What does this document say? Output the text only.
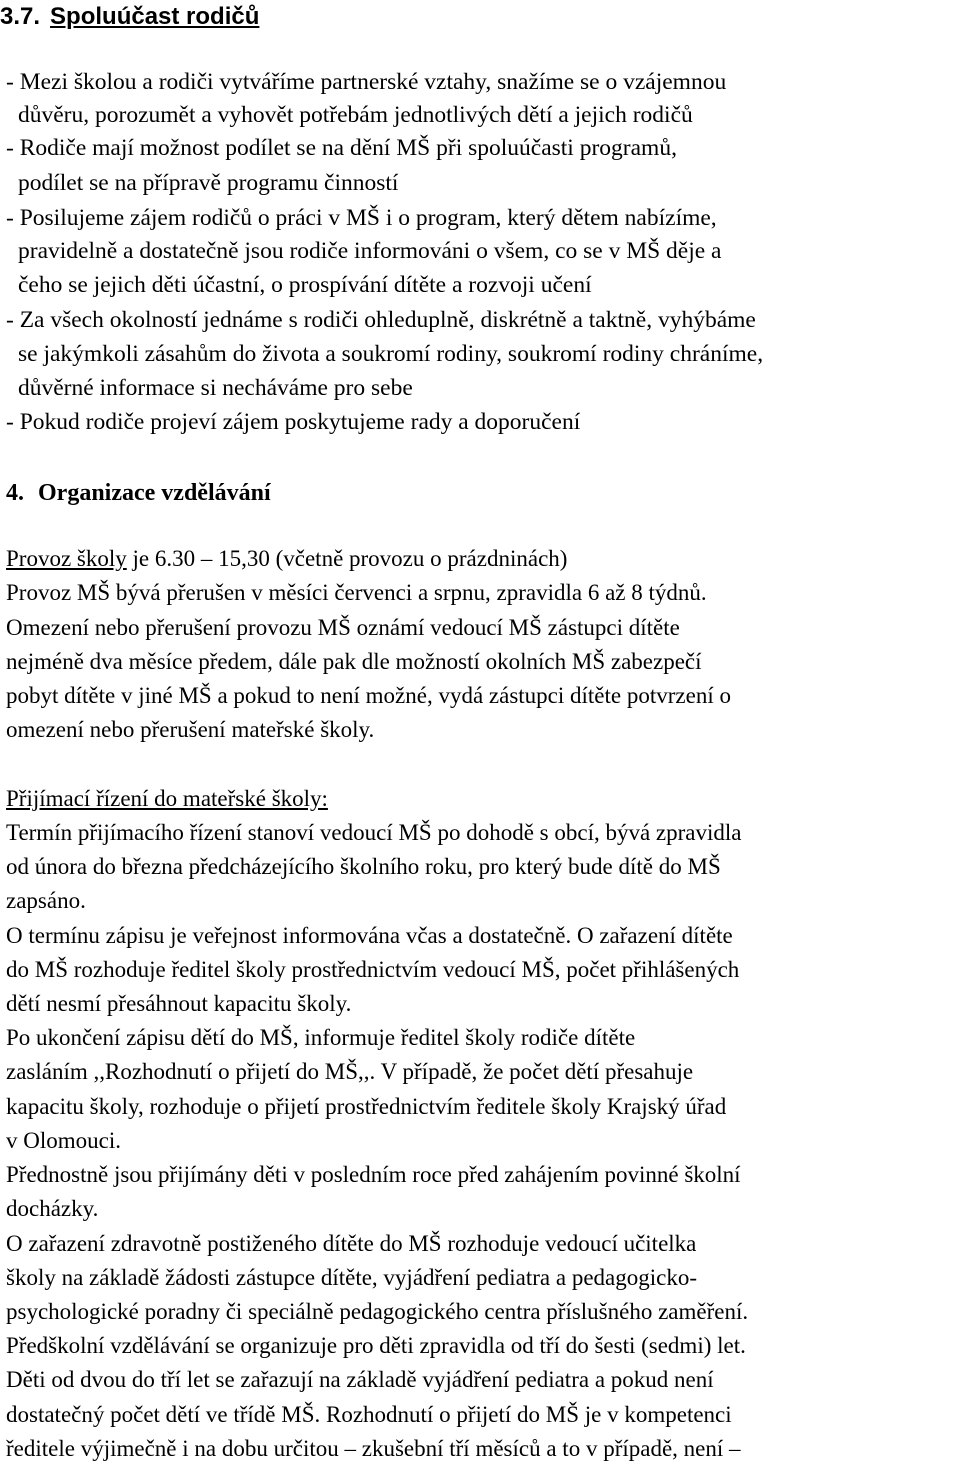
3.7. Spoluúčast rodičů
- Mezi školou a rodiči vytváříme partnerské vztahy, snažíme se o vzájemnou
důvěru, porozumět a vyhovět potřebám jednotlivých dětí a jejich rodičů
- Rodiče mají možnost podílet se na dění MŠ při spoluúčasti programů,
podílet se na přípravě programu činností
- Posilujeme zájem rodičů o práci v MŠ i o program, který dětem nabízíme,
pravidelně a dostatečně jsou rodiče informováni o všem, co se v MŠ děje a
čeho se jejich děti účastní, o prospívání dítěte a rozvoji učení
- Za všech okolností jednáme s rodiči ohleduplně, diskrétně a taktně, vyhýbáme
se jakýmkoli zásahům do života a soukromí rodiny, soukromí rodiny chráníme,
důvěrné informace si necháváme pro sebe
- Pokud rodiče projeví zájem poskytujeme rady a doporučení
4. Organizace vzdělávání
Provoz školy je 6.30 – 15,30 (včetně provozu o prázdninách)
Provoz MŠ bývá přerušen v měsíci červenci a srpnu, zpravidla 6 až 8 týdnů.
Omezení nebo přerušení provozu MŠ oznámí vedoucí MŠ zástupci dítěte
nejméně dva měsíce předem, dále pak dle možností okolních MŠ zabezpečí
pobyt dítěte v jiné MŠ a pokud to není možné, vydá zástupci dítěte potvrzení o
omezení nebo přerušení mateřské školy.
Přijímací řízení do mateřské školy:
Termín přijímacího řízení stanoví vedoucí MŠ po dohodě s obcí, bývá zpravidla
od února do března předcházejícího školního roku, pro který bude dítě do MŠ
zapsáno.
O termínu zápisu je veřejnost informována včas a dostatečně. O zařazení dítěte
do MŠ rozhoduje ředitel školy prostřednictvím vedoucí MŠ, počet přihlášených
dětí nesmí přesáhnout kapacitu školy.
Po ukončení zápisu dětí do MŠ, informuje ředitel školy rodiče dítěte
zasláním ,,Rozhodnutí o přijetí do MŠ,,. V případě, že počet dětí přesahuje
kapacitu školy, rozhoduje o přijetí prostřednictvím ředitele školy Krajský úřad
v Olomouci.
Přednostně jsou přijímány děti v posledním roce před zahájením povinné školní
docházky.
O zařazení zdravotně postiženého dítěte do MŠ rozhoduje vedoucí učitelka
školy na základě žádosti zástupce dítěte, vyjádření pediatra a pedagogicko-
psychologické poradny či speciálně pedagogického centra příslušného zaměření.
Předškolní vzdělávání se organizuje pro děti zpravidla od tří do šesti (sedmi) let.
Děti od dvou do tří let se zařazují na základě vyjádření pediatra a pokud není
dostatečný počet dětí ve třídě MŠ. Rozhodnutí o přijetí do MŠ je v kompetenci
ředitele výjimečně i na dobu určitou – zkušební tří měsíců a to v případě, není –
